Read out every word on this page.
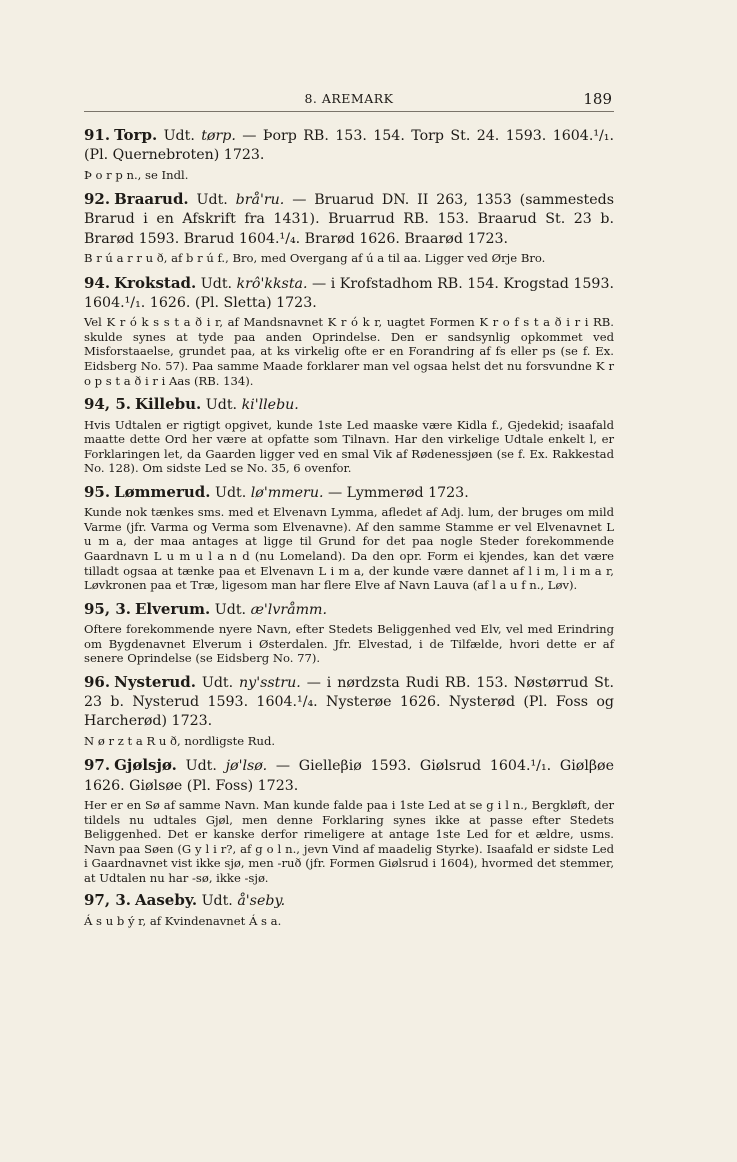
8. AREMARK	189

91. Torp. Udt. tørp. — Þorp RB. 153. 154. Torp St. 24. 1593. 1604.¹/₁. (Pl. Quernebroten) 1723.

Þ o r p n., se Indl.

92. Braarud. Udt. brå'ru. — Bruarud DN. II 263, 1353 (sammesteds Brarud i en Afskrift fra 1431). Bruarrud RB. 153. Braarud St. 23 b. Brarød 1593. Brarud 1604.¹/₄. Brarød 1626. Braarød 1723.

B r ú a r r u ð, af b r ú f., Bro, med Overgang af ú a til aa. Ligger ved Ørje Bro.

94. Krokstad. Udt. krô'kksta. — i Krofstadhom RB. 154. Krogstad 1593. 1604.¹/₁. 1626. (Pl. Sletta) 1723.

Vel K r ó k s s t a ð i r, af Mandsnavnet K r ó k r, uagtet Formen K r o f s t a ð i r i RB. skulde synes at tyde paa anden Oprindelse. Den er sandsynlig opkommet ved Misforstaaelse, grundet paa, at ks virkelig ofte er en Forandring af fs eller ps (se f. Ex. Eidsberg No. 57). Paa samme Maade forklarer man vel ogsaa helst det nu forsvundne K r o p s t a ð i r i Aas (RB. 134).

94, 5. Killebu. Udt. ki'llebu.

Hvis Udtalen er rigtigt opgivet, kunde 1ste Led maaske være Kidla f., Gjedekid; isaafald maatte dette Ord her være at opfatte som Tilnavn. Har den virkelige Udtale enkelt l, er Forklaringen let, da Gaarden ligger ved en smal Vik af Rødenessjøen (se f. Ex. Rakkestad No. 128). Om sidste Led se No. 35, 6 ovenfor.

95. Lømmerud. Udt. lø'mmeru. — Lymmerød 1723.

Kunde nok tænkes sms. med et Elvenavn Lymma, afledet af Adj. lum, der bruges om mild Varme (jfr. Varma og Verma som Elvenavne). Af den samme Stamme er vel Elvenavnet L u m a, der maa antages at ligge til Grund for det paa nogle Steder forekommende Gaardnavn L u m u l a n d (nu Lomeland). Da den opr. Form ei kjendes, kan det være tilladt ogsaa at tænke paa et Elvenavn L i m a, der kunde være dannet af l i m, l i m a r, Løvkronen paa et Træ, ligesom man har flere Elve af Navn Lauva (af l a u f n., Løv).

95, 3. Elverum. Udt. æ'lvråmm.

Oftere forekommende nyere Navn, efter Stedets Beliggenhed ved Elv, vel med Erindring om Bygdenavnet Elverum i Østerdalen. Jfr. Elvestad, i de Tilfælde, hvori dette er af senere Oprindelse (se Eidsberg No. 77).

96. Nysterud. Udt. ny'sstru. — i nørdzsta Rudi RB. 153. Nøstørrud St. 23 b. Nysterud 1593. 1604.¹/₄. Nysterøe 1626. Nysterød (Pl. Foss og Harcherød) 1723.

N ø r z t a R u ð, nordligste Rud.

97. Gjølsjø. Udt. jø'lsø. — Gielleβiø 1593. Giølsrud 1604.¹/₁. Giølβøe 1626. Giølsøe (Pl. Foss) 1723.

Her er en Sø af samme Navn. Man kunde falde paa i 1ste Led at se g i l n., Bergkløft, der tildels nu udtales Gjøl, men denne Forklaring synes ikke at passe efter Stedets Beliggenhed. Det er kanske derfor rimeligere at antage 1ste Led for et ældre, usms. Navn paa Søen (G y l i r?, af g o l n., jevn Vind af maadelig Styrke). Isaafald er sidste Led i Gaardnavnet vist ikke sjø, men -ruð (jfr. Formen Giølsrud i 1604), hvormed det stemmer, at Udtalen nu har -sø, ikke -sjø.

97, 3. Aaseby. Udt. å'seby.

Á s u b ý r, af Kvindenavnet Á s a.
